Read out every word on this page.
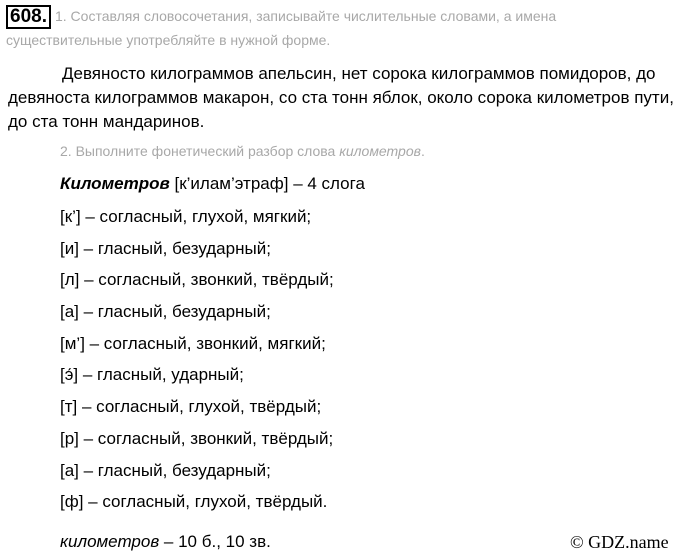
608. 1. Составляя словосочетания, записывайте числительные словами, а имена
существительные употребляйте в нужной форме.
Девяносто килограммов апельсин, нет сорока килограммов помидоров, до девяноста килограммов макарон, со ста тонн яблок, около сорока километров пути, до ста тонн мандаринов.
2. Выполните фонетический разбор слова километров.
Километров [к’илам’этраф] – 4 слога
[к’] – согласный, глухой, мягкий;
[и] – гласный, безударный;
[л] – согласный, звонкий, твёрдый;
[а] – гласный, безударный;
[м’] – согласный, звонкий, мягкий;
[э́] – гласный, ударный;
[т] – согласный, глухой, твёрдый;
[р] – согласный, звонкий, твёрдый;
[а] – гласный, безударный;
[ф] – согласный, глухой, твёрдый.
километров – 10 б., 10 зв.	© GDZ.name
